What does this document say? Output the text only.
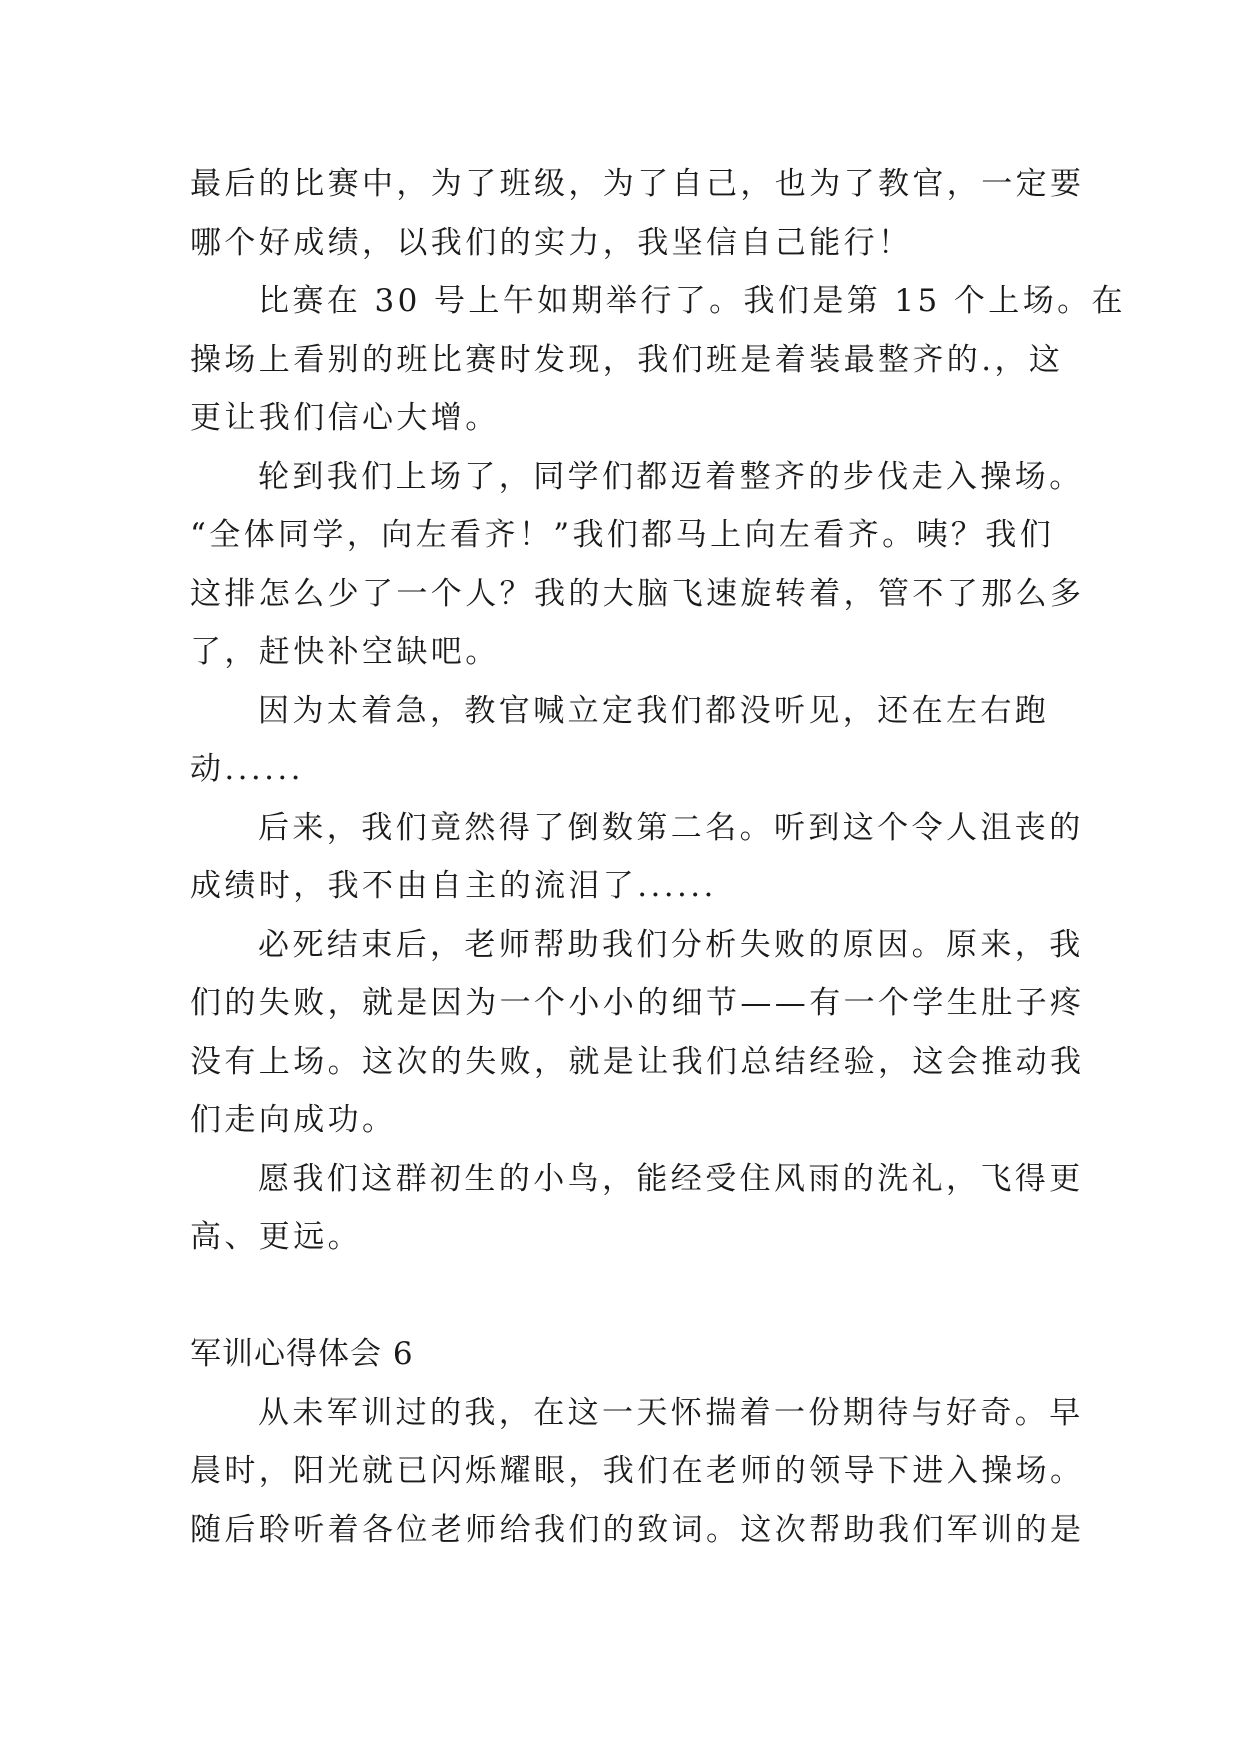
最后的比赛中，为了班级，为了自己，也为了教官，一定要
哪个好成绩，以我们的实力，我坚信自己能行！
比赛在 30 号上午如期举行了。我们是第 15 个上场。在
操场上看别的班比赛时发现，我们班是着装最整齐的.，这
更让我们信心大增。
轮到我们上场了，同学们都迈着整齐的步伐走入操场。
“全体同学，向左看齐！”我们都马上向左看齐。咦？我们
这排怎么少了一个人？我的大脑飞速旋转着，管不了那么多
了，赶快补空缺吧。
因为太着急，教官喊立定我们都没听见，还在左右跑
动......
后来，我们竟然得了倒数第二名。听到这个令人沮丧的
成绩时，我不由自主的流泪了......
必死结束后，老师帮助我们分析失败的原因。原来，我
们的失败，就是因为一个小小的细节——有一个学生肚子疼
没有上场。这次的失败，就是让我们总结经验，这会推动我
们走向成功。
愿我们这群初生的小鸟，能经受住风雨的洗礼，飞得更
高、更远。
军训心得体会 6
从未军训过的我，在这一天怀揣着一份期待与好奇。早
晨时，阳光就已闪烁耀眼，我们在老师的领导下进入操场。
随后聆听着各位老师给我们的致词。这次帮助我们军训的是
